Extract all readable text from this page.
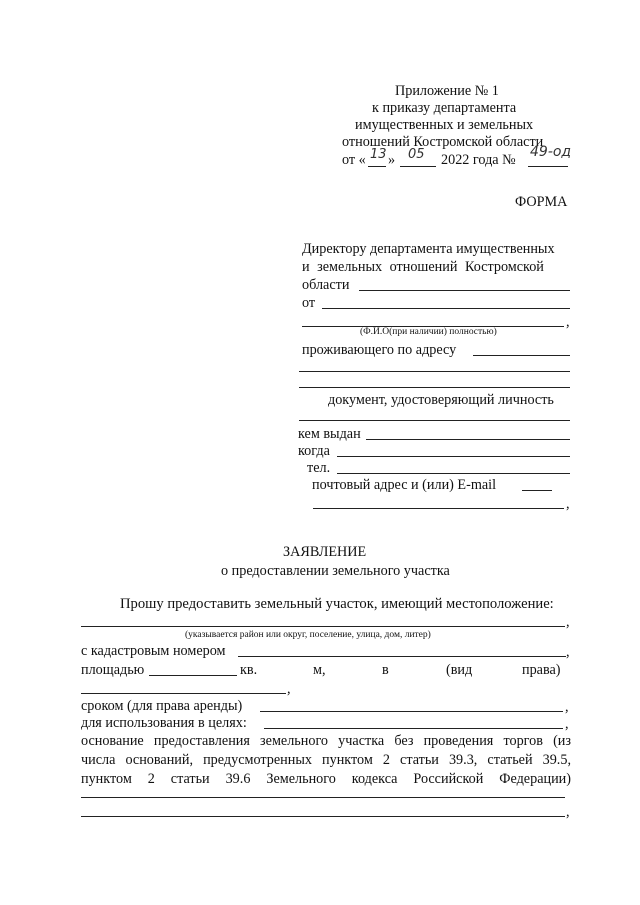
Приложение № 1
к приказу департамента
имущественных и земельных
отношений Костромской области
от « 13 » 05 2022 года № 49-од
ФОРМА
Директору департамента имущественных
и земельных отношений Костромской
области
от
,
(Ф.И.О(при наличии) полностью)
проживающего по адресу
документ, удостоверяющий личность
кем выдан
когда
тел.
почтовый адрес и (или) E-mail
,
ЗАЯВЛЕНИЕ
о предоставлении земельного участка
Прошу предоставить земельный участок, имеющий местоположение:
,
(указывается район или округ, поселение, улица, дом, литер)
с кадастровым номером	,
площадью	кв.	м,	в	(вид	права)
,
сроком (для права аренды)	,
для использования в целях:	,
основание предоставления земельного участка без проведения торгов (из
числа оснований, предусмотренных пунктом 2 статьи 39.3, статьей 39.5,
пунктом 2 статьи 39.6 Земельного кодекса Российской Федерации)
,
